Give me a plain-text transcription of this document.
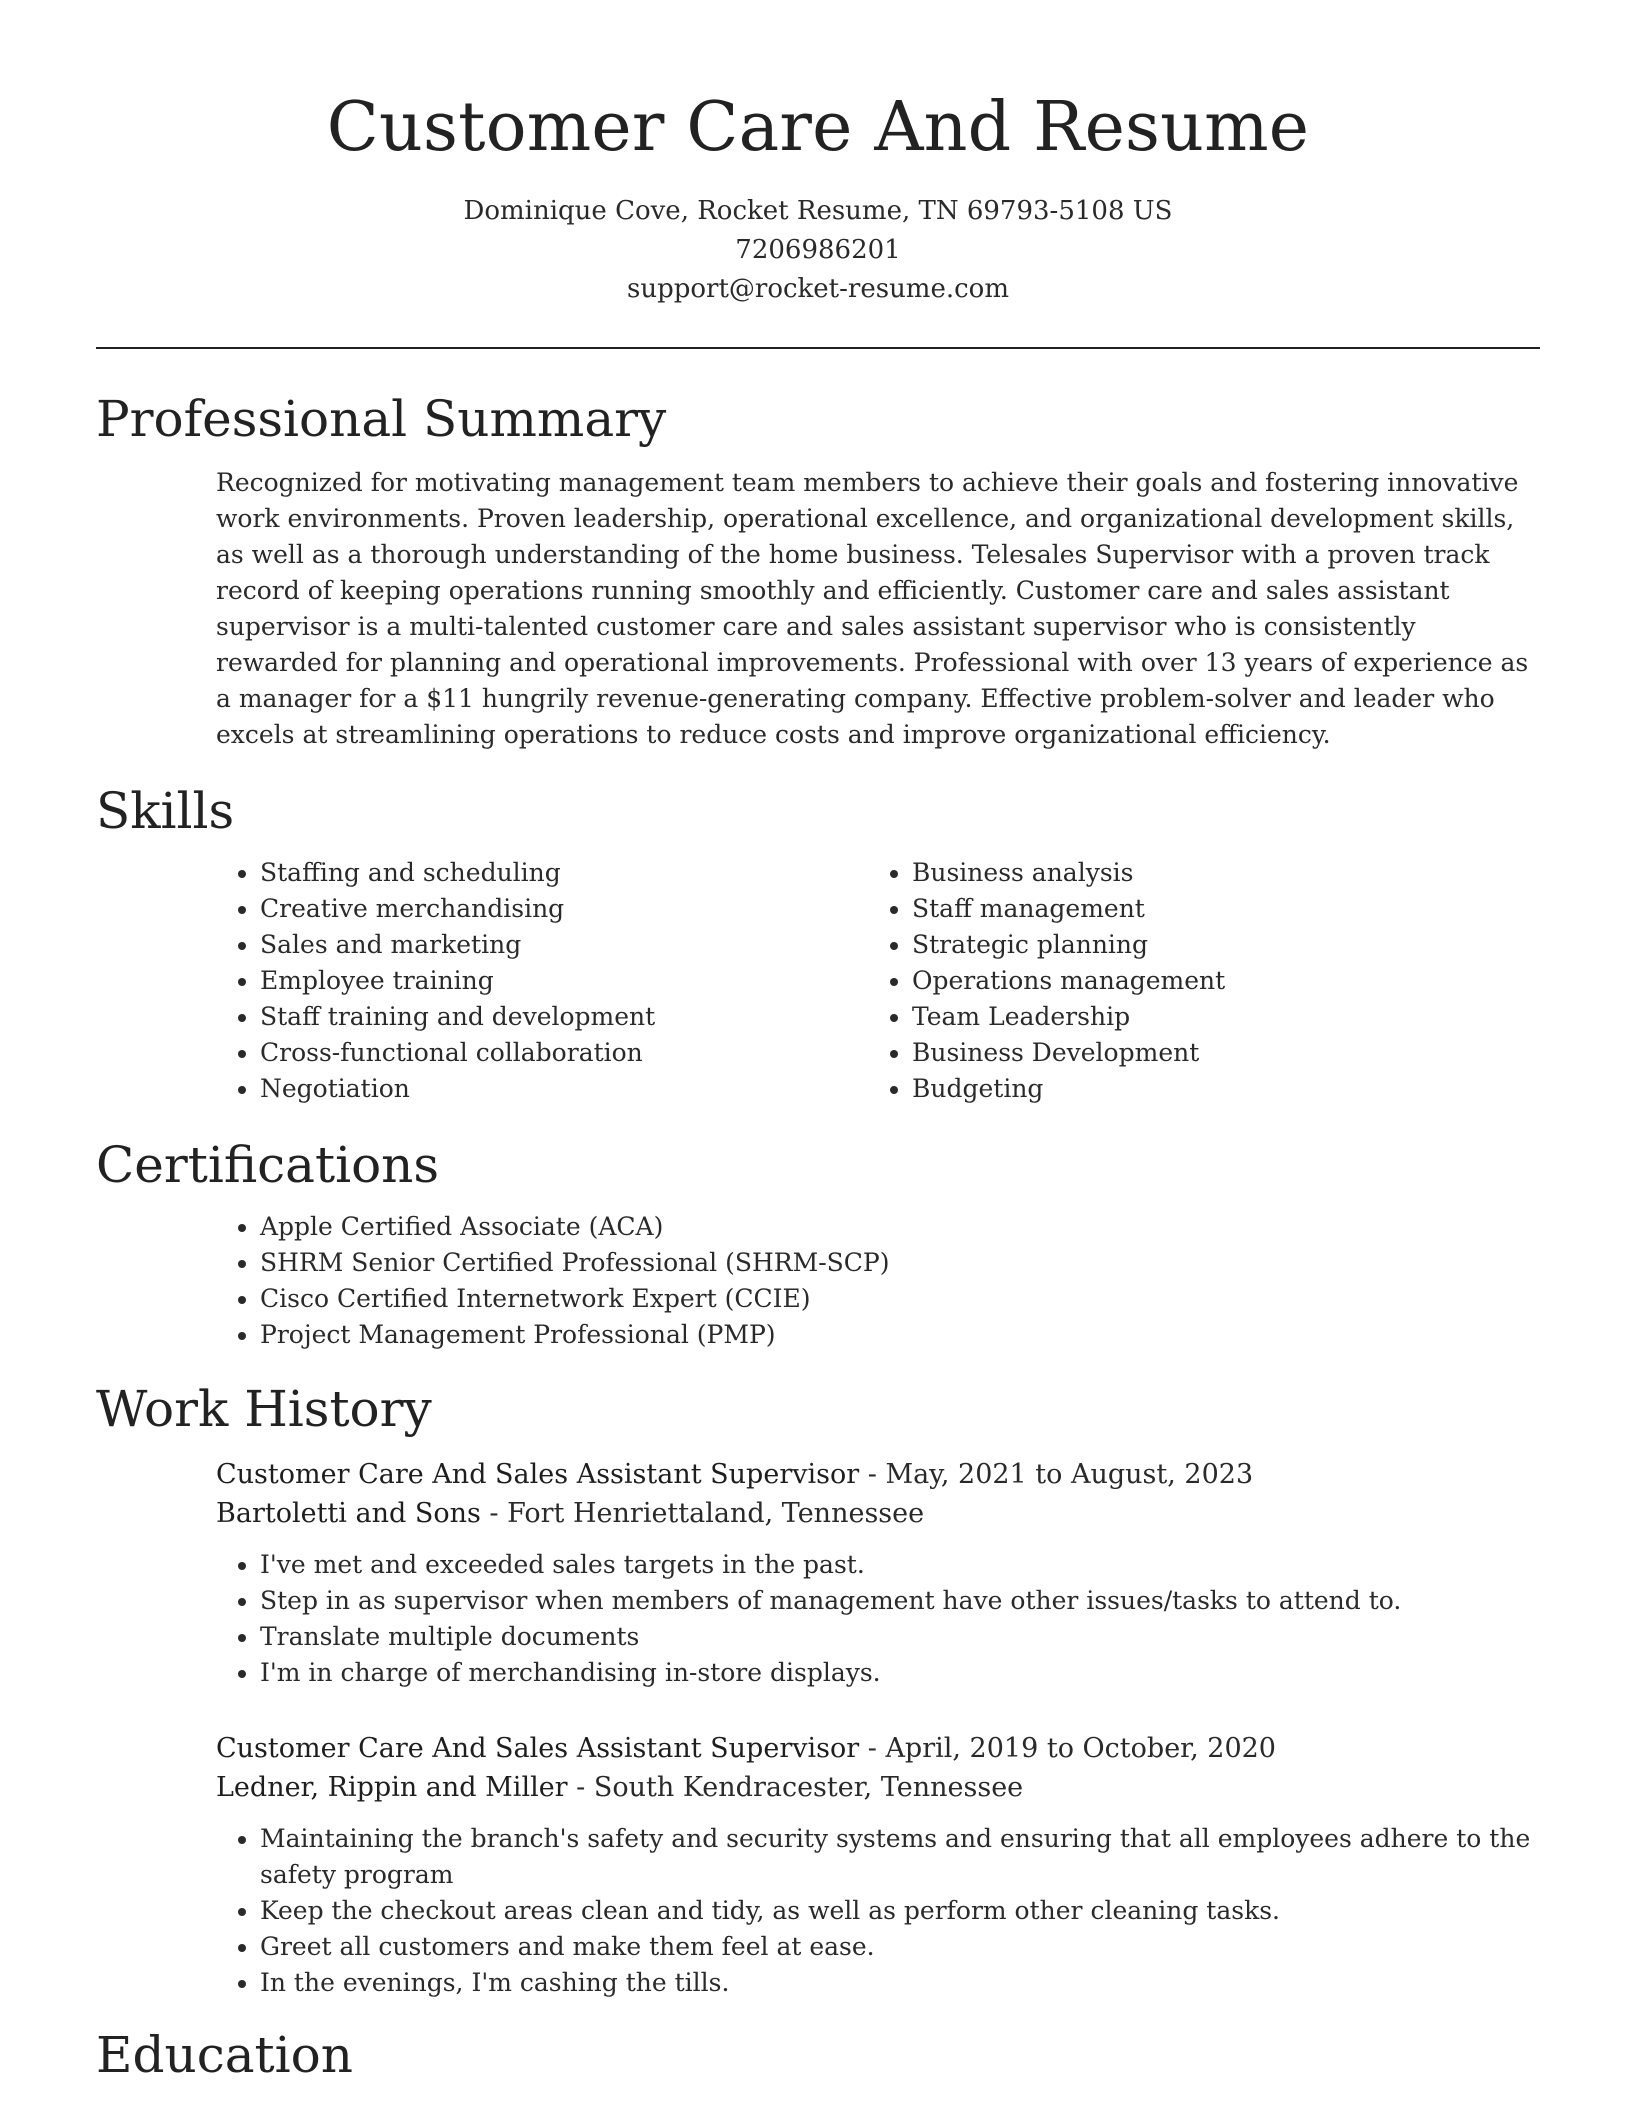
Customer Care And Resume
Dominique Cove, Rocket Resume, TN 69793-5108 US
7206986201
support@rocket-resume.com
Professional Summary

Recognized for motivating management team members to achieve their goals and fostering innovative work environments. Proven leadership, operational excellence, and organizational development skills, as well as a thorough understanding of the home business. Telesales Supervisor with a proven track record of keeping operations running smoothly and efficiently. Customer care and sales assistant supervisor is a multi-talented customer care and sales assistant supervisor who is consistently rewarded for planning and operational improvements. Professional with over 13 years of experience as a manager for a $11 hungrily revenue-generating company. Effective problem-solver and leader who excels at streamlining operations to reduce costs and improve organizational efficiency.

Skills
• Staffing and scheduling
• Creative merchandising
• Sales and marketing
• Employee training
• Staff training and development
• Cross-functional collaboration
• Negotiation
• Business analysis
• Staff management
• Strategic planning
• Operations management
• Team Leadership
• Business Development
• Budgeting
Certifications
• Apple Certified Associate (ACA)
• SHRM Senior Certified Professional (SHRM-SCP)
• Cisco Certified Internetwork Expert (CCIE)
• Project Management Professional (PMP)
Work History
Customer Care And Sales Assistant Supervisor - May, 2021 to August, 2023
Bartoletti and Sons - Fort Henriettaland, Tennessee
• I've met and exceeded sales targets in the past.
• Step in as supervisor when members of management have other issues/tasks to attend to.
• Translate multiple documents
• I'm in charge of merchandising in-store displays.
Customer Care And Sales Assistant Supervisor - April, 2019 to October, 2020
Ledner, Rippin and Miller - South Kendracester, Tennessee
• Maintaining the branch's safety and security systems and ensuring that all employees adhere to the safety program
• Keep the checkout areas clean and tidy, as well as perform other cleaning tasks.
• Greet all customers and make them feel at ease.
• In the evenings, I'm cashing the tills.
Education
